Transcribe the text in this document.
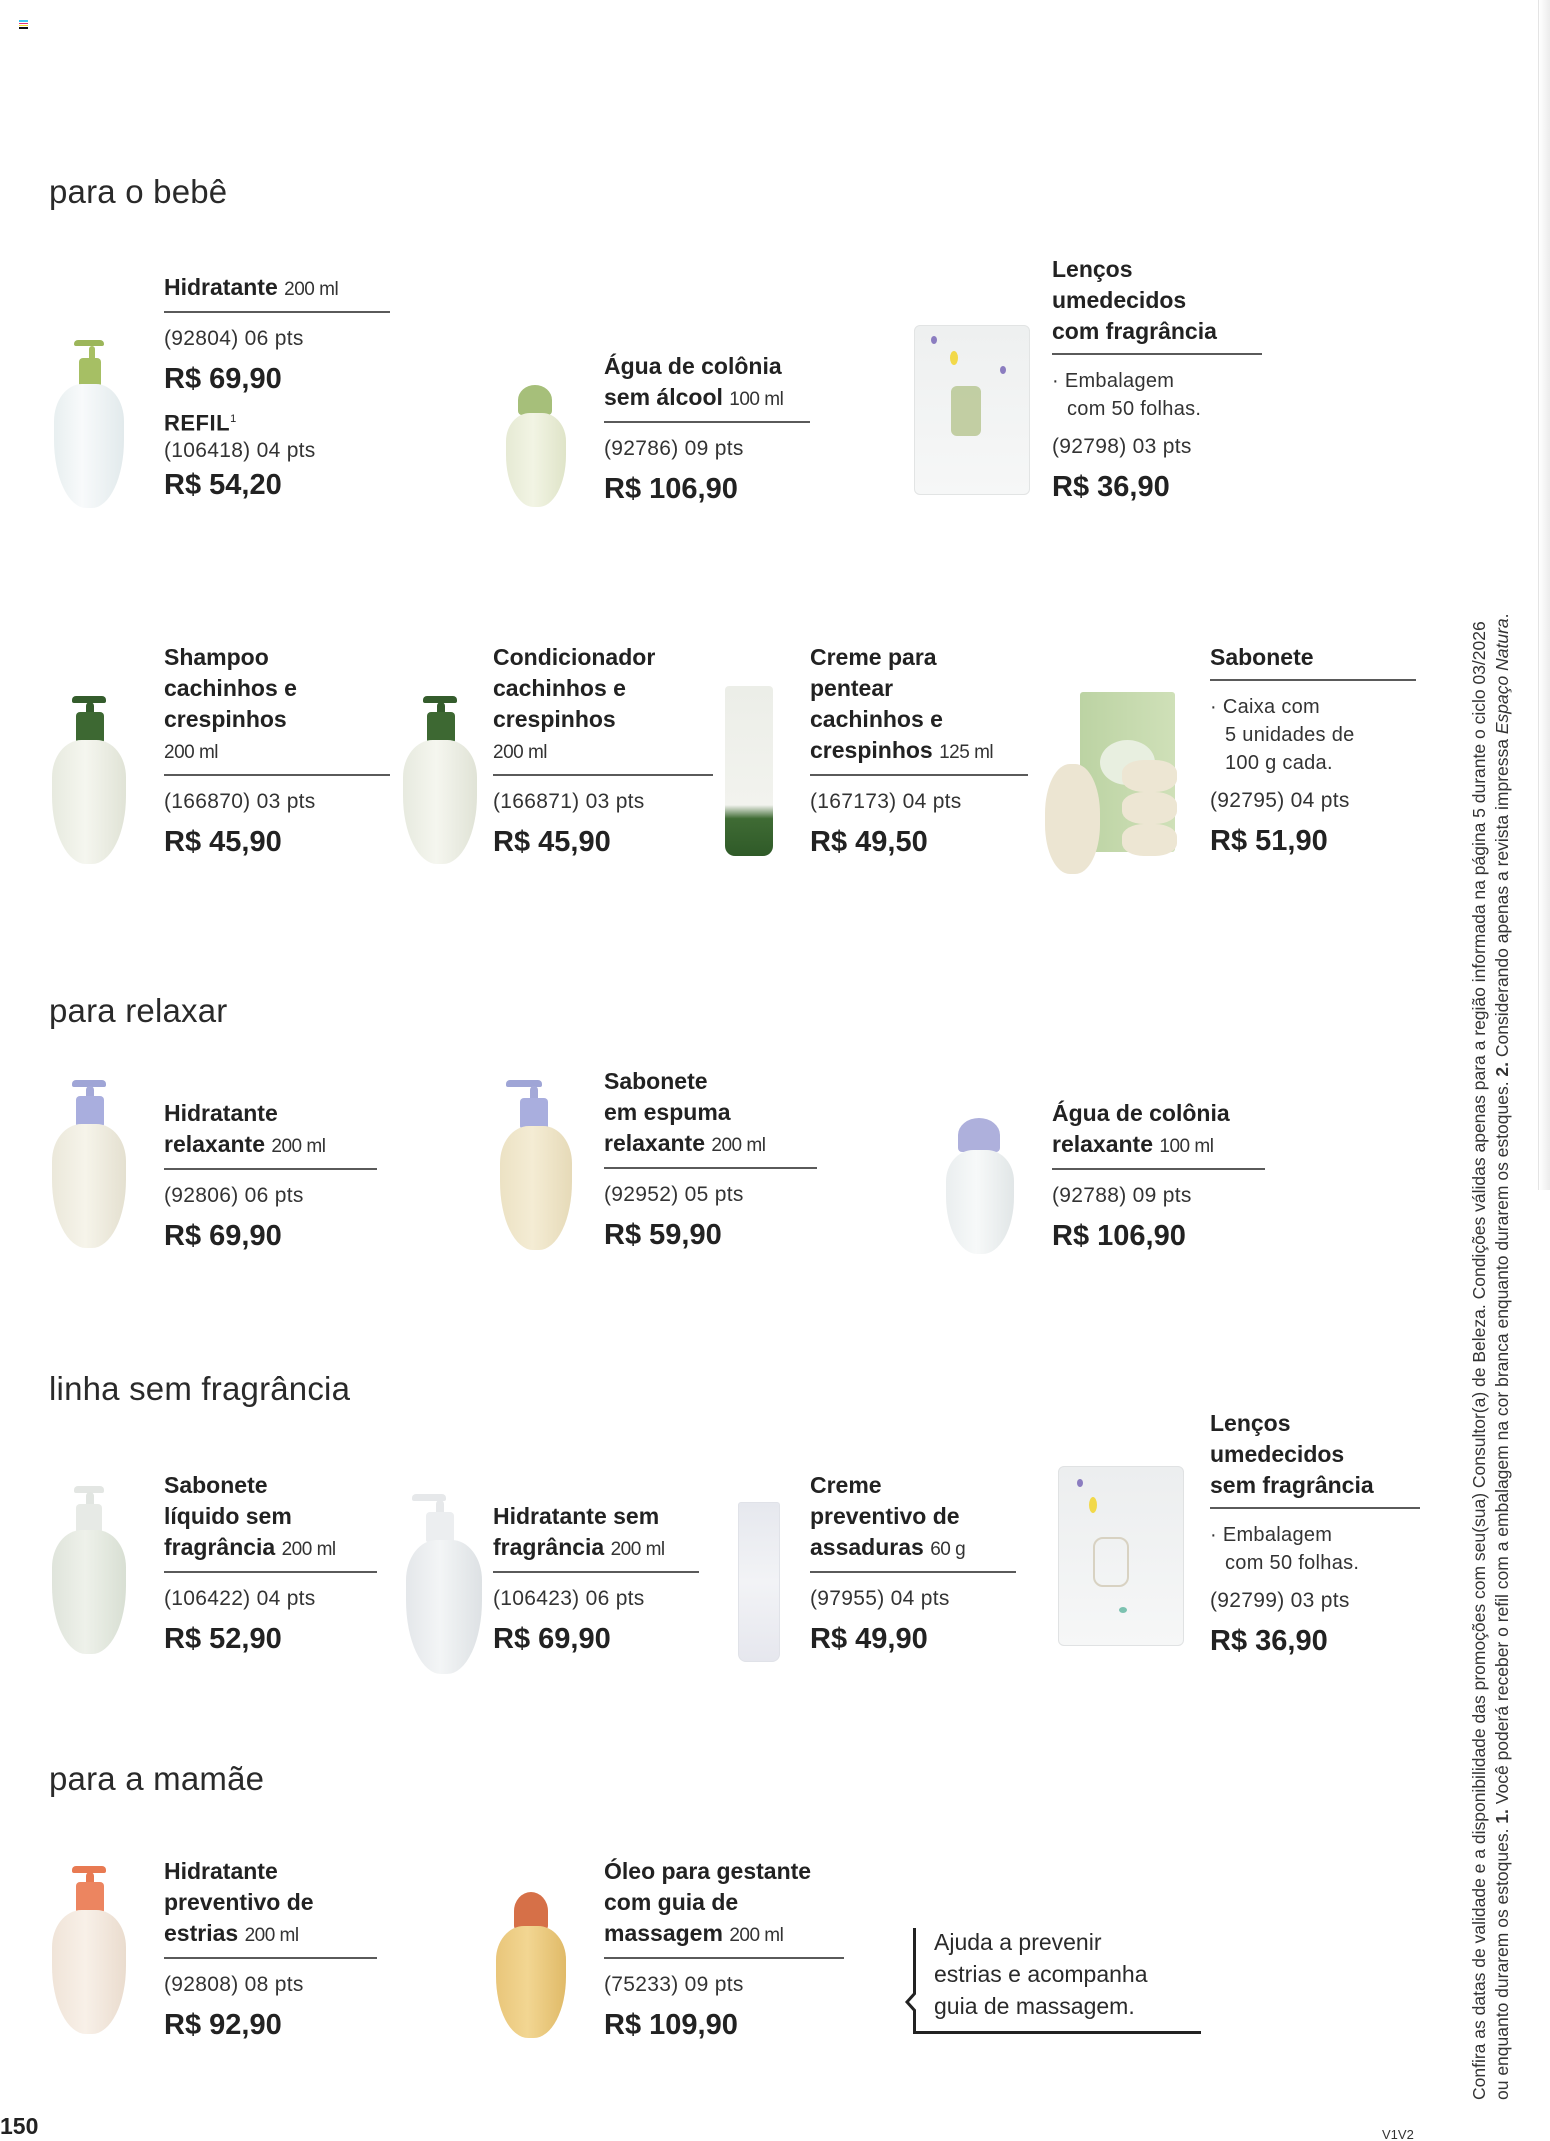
para o bebê
Hidratante 200 ml
(92804) 06 pts
R$ 69,90
REFIL$^1$
(106418) 04 pts
R$ 54,20
Água de colônia
sem álcool 100 ml
(92786) 09 pts
R$ 106,90
Lenços
umedecidos
com fragrância
· Embalagem
com 50 folhas.
(92798) 03 pts
R$ 36,90
Shampoo
cachinhos e
crespinhos
200 ml
(166870) 03 pts
R$ 45,90
Condicionador
cachinhos e
crespinhos
200 ml
(166871) 03 pts
R$ 45,90
Creme para
pentear
cachinhos e
crespinhos 125 ml
(167173) 04 pts
R$ 49,50
Sabonete
· Caixa com
5 unidades de
100 g cada.
(92795) 04 pts
R$ 51,90
para relaxar
Hidratante
relaxante 200 ml
(92806) 06 pts
R$ 69,90
Sabonete
em espuma
relaxante 200 ml
(92952) 05 pts
R$ 59,90
Água de colônia
relaxante 100 ml
(92788) 09 pts
R$ 106,90
linha sem fragrância
Sabonete
líquido sem
fragrância 200 ml
(106422) 04 pts
R$ 52,90
Hidratante sem
fragrância 200 ml
(106423) 06 pts
R$ 69,90
Creme
preventivo de
assaduras 60 g
(97955) 04 pts
R$ 49,90
Lenços
umedecidos
sem fragrância
· Embalagem
com 50 folhas.
(92799) 03 pts
R$ 36,90
para a mamãe
Hidratante
preventivo de
estrias 200 ml
(92808) 08 pts
R$ 92,90
Óleo para gestante
com guia de
massagem 200 ml
(75233) 09 pts
R$ 109,90
Ajuda a prevenir
estrias e acompanha
guia de massagem.	Confira as datas de validade e a disponibilidade das promoções com seu(sua) Consultor(a) de Beleza. Condições válidas apenas para a região informada na página 5 durante o ciclo 03/2026 ou enquanto durarem os estoques. 1. Você poderá receber o refil com a embalagem na cor branca enquanto durarem os estoques. 2. Considerando apenas a revista impressa Espaço Natura.
150	V1V2
